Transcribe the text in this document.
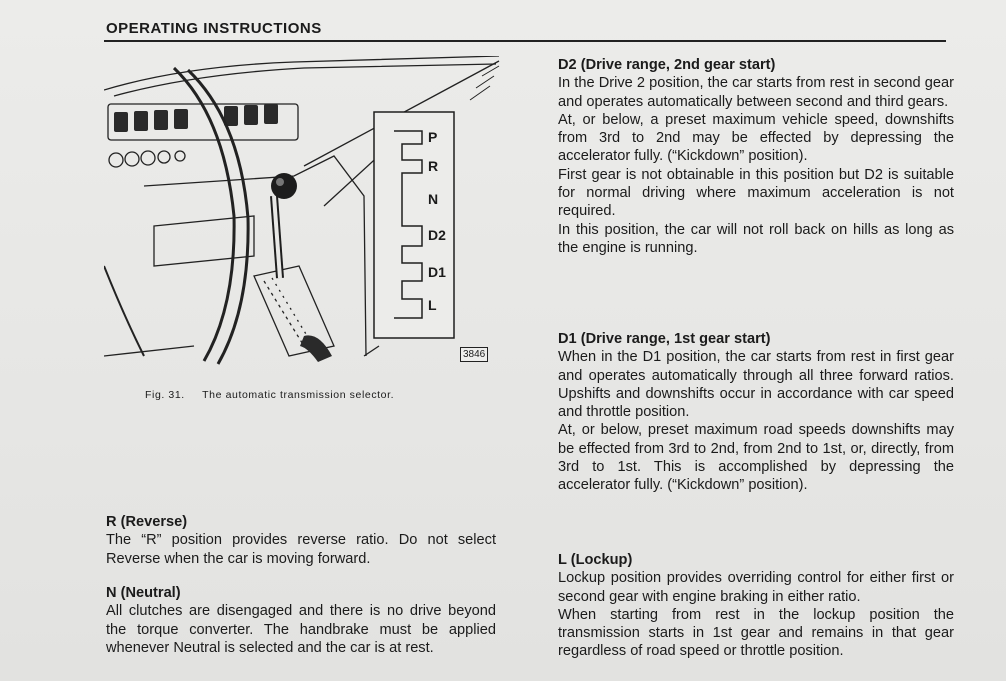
OPERATING INSTRUCTIONS
P
R
N
D2
D1
L
3846
Fig. 31. The automatic transmission selector.
R (Reverse)

The “R” position provides reverse ratio. Do not select Reverse when the car is moving forward.

N (Neutral)

All clutches are disengaged and there is no drive beyond the torque converter. The handbrake must be applied whenever Neutral is selected and the car is at rest.

D2 (Drive range, 2nd gear start)

In the Drive 2 position, the car starts from rest in second gear and operates automatically between second and third gears.

At, or below, a preset maximum vehicle speed, downshifts from 3rd to 2nd may be effected by depressing the accelerator fully. (“Kickdown” position).

First gear is not obtainable in this position but D2 is suitable for normal driving where maximum acceleration is not required.

In this position, the car will not roll back on hills as long as the engine is running.

D1 (Drive range, 1st gear start)

When in the D1 position, the car starts from rest in first gear and operates automatically through all three forward ratios. Upshifts and downshifts occur in accordance with car speed and throttle position.

At, or below, preset maximum road speeds downshifts may be effected from 3rd to 2nd, from 2nd to 1st, or, directly, from 3rd to 1st. This is accomplished by depressing the accelerator fully. (“Kickdown” position).

L (Lockup)

Lockup position provides overriding control for either first or second gear with engine braking in either ratio.

When starting from rest in the lockup position the transmission starts in 1st gear and remains in that gear regardless of road speed or throttle position.
